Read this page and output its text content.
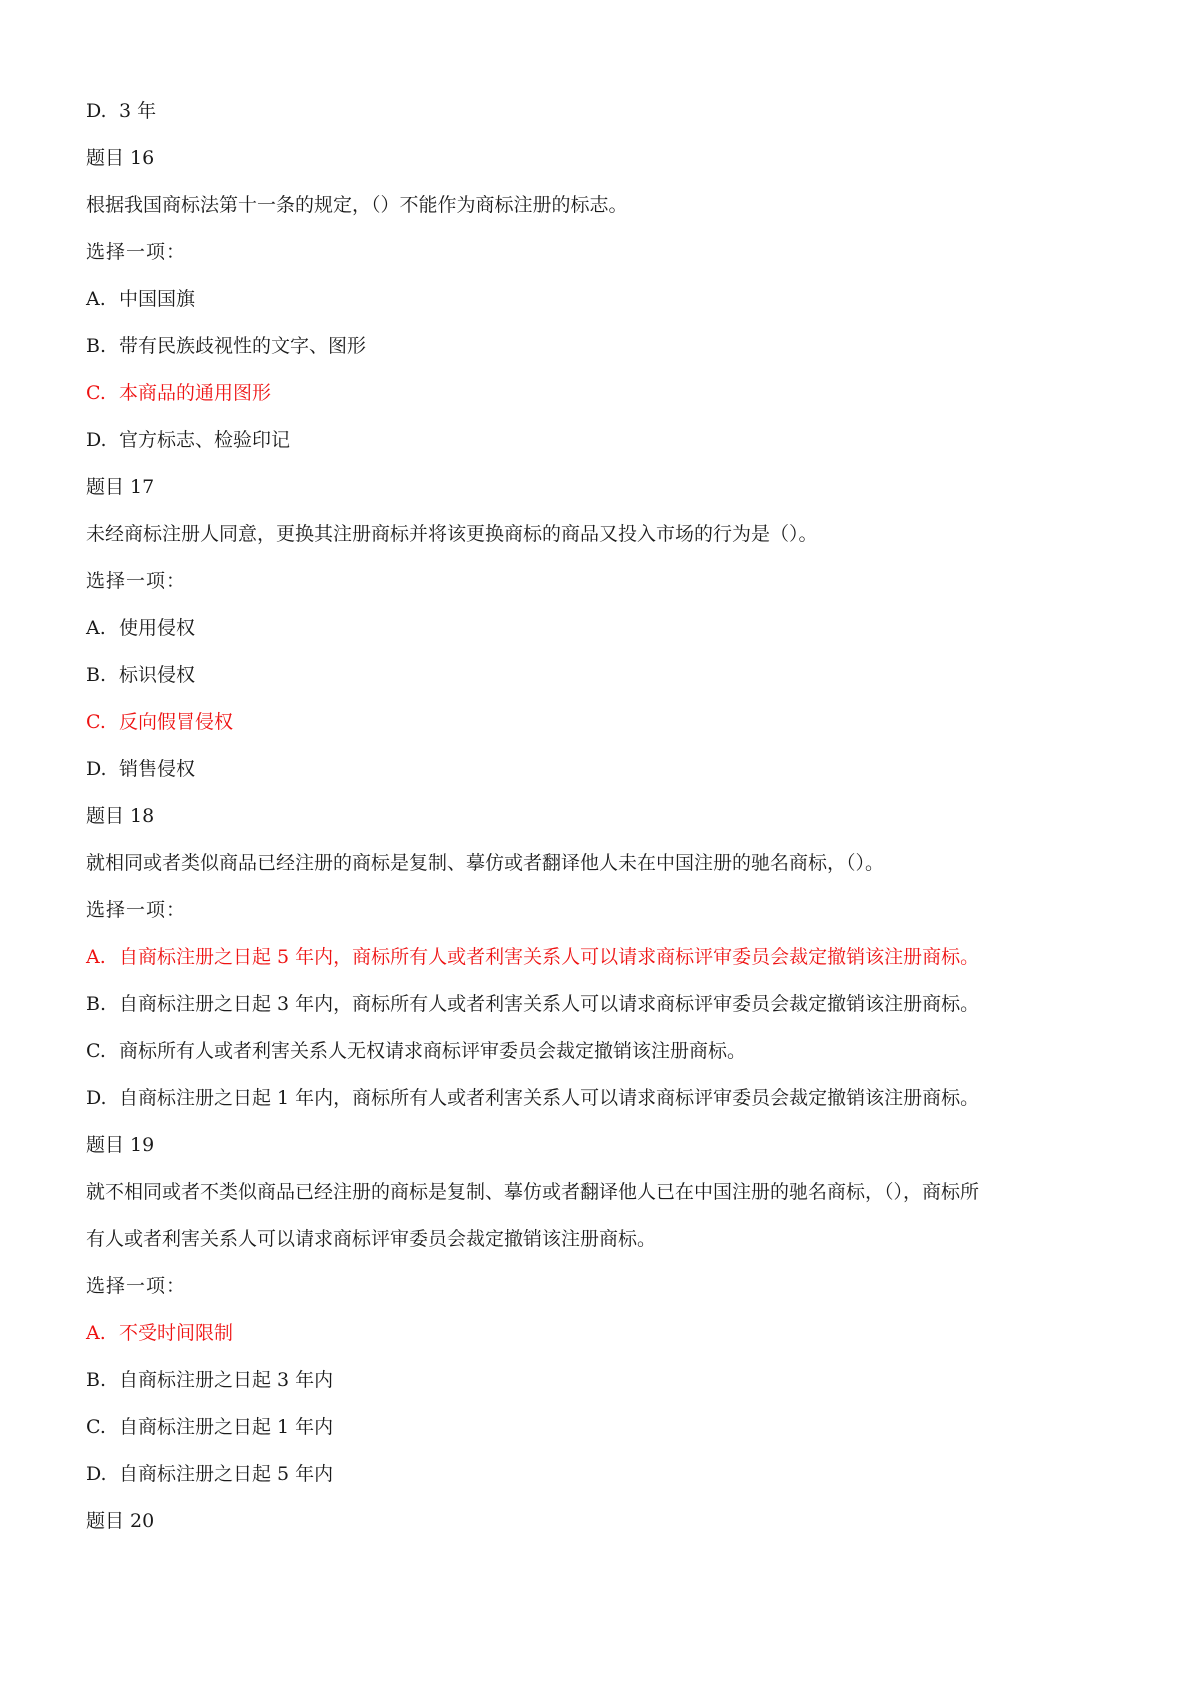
D. 3 年
题目 16
根据我国商标法第十一条的规定，（）不能作为商标注册的标志。
选择一项：
A. 中国国旗
B. 带有民族歧视性的文字、图形
C. 本商品的通用图形
D. 官方标志、检验印记
题目 17
未经商标注册人同意，更换其注册商标并将该更换商标的商品又投入市场的行为是（）。
选择一项：
A. 使用侵权
B. 标识侵权
C. 反向假冒侵权
D. 销售侵权
题目 18
就相同或者类似商品已经注册的商标是复制、摹仿或者翻译他人未在中国注册的驰名商标，（）。
选择一项：
A. 自商标注册之日起 5 年内，商标所有人或者利害关系人可以请求商标评审委员会裁定撤销该注册商标。
B. 自商标注册之日起 3 年内，商标所有人或者利害关系人可以请求商标评审委员会裁定撤销该注册商标。
C. 商标所有人或者利害关系人无权请求商标评审委员会裁定撤销该注册商标。
D. 自商标注册之日起 1 年内，商标所有人或者利害关系人可以请求商标评审委员会裁定撤销该注册商标。
题目 19
就不相同或者不类似商品已经注册的商标是复制、摹仿或者翻译他人已在中国注册的驰名商标，（），商标所
有人或者利害关系人可以请求商标评审委员会裁定撤销该注册商标。
选择一项：
A. 不受时间限制
B. 自商标注册之日起 3 年内
C. 自商标注册之日起 1 年内
D. 自商标注册之日起 5 年内
题目 20
